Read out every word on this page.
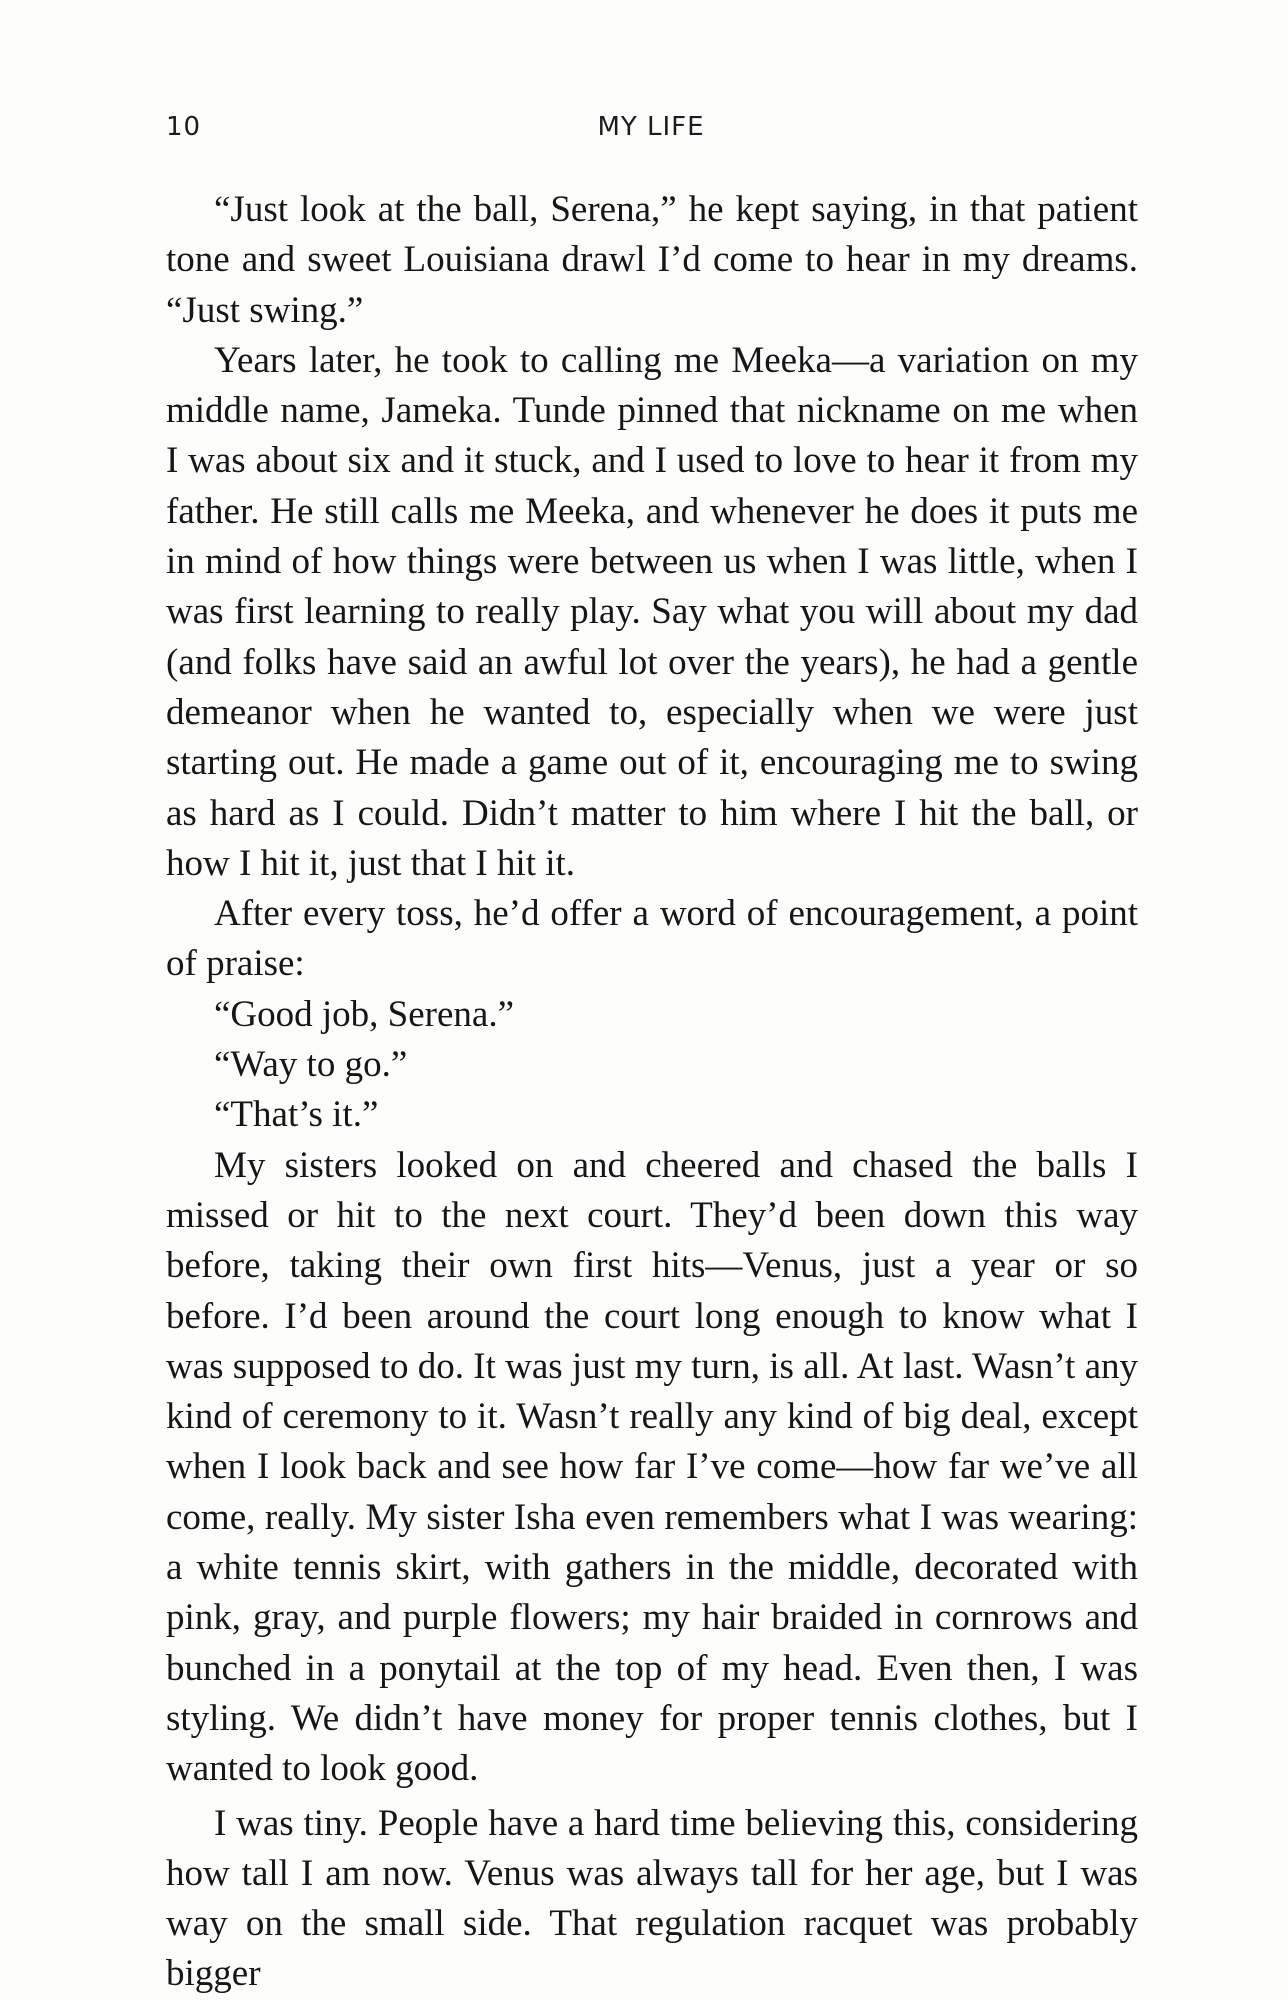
10	MY LIFE

“Just look at the ball, Serena,” he kept saying, in that patient tone and sweet Louisiana drawl I’d come to hear in my dreams. “Just swing.”

Years later, he took to calling me Meeka—a variation on my middle name, Jameka. Tunde pinned that nickname on me when I was about six and it stuck, and I used to love to hear it from my father. He still calls me Meeka, and whenever he does it puts me in mind of how things were between us when I was little, when I was first learning to really play. Say what you will about my dad (and folks have said an awful lot over the years), he had a gentle demeanor when he wanted to, especially when we were just starting out. He made a game out of it, encouraging me to swing as hard as I could. Didn’t matter to him where I hit the ball, or how I hit it, just that I hit it.

After every toss, he’d offer a word of encouragement, a point of praise:

“Good job, Serena.”

“Way to go.”

“That’s it.”

My sisters looked on and cheered and chased the balls I missed or hit to the next court. They’d been down this way before, taking their own first hits—Venus, just a year or so before. I’d been around the court long enough to know what I was supposed to do. It was just my turn, is all. At last. Wasn’t any kind of ceremony to it. Wasn’t really any kind of big deal, except when I look back and see how far I’ve come—how far we’ve all come, really. My sister Isha even remembers what I was wearing: a white tennis skirt, with gathers in the middle, decorated with pink, gray, and purple flowers; my hair braided in cornrows and bunched in a ponytail at the top of my head. Even then, I was styling. We didn’t have money for proper tennis clothes, but I wanted to look good.

I was tiny. People have a hard time believing this, considering how tall I am now. Venus was always tall for her age, but I was way on the small side. That regulation racquet was probably bigger
